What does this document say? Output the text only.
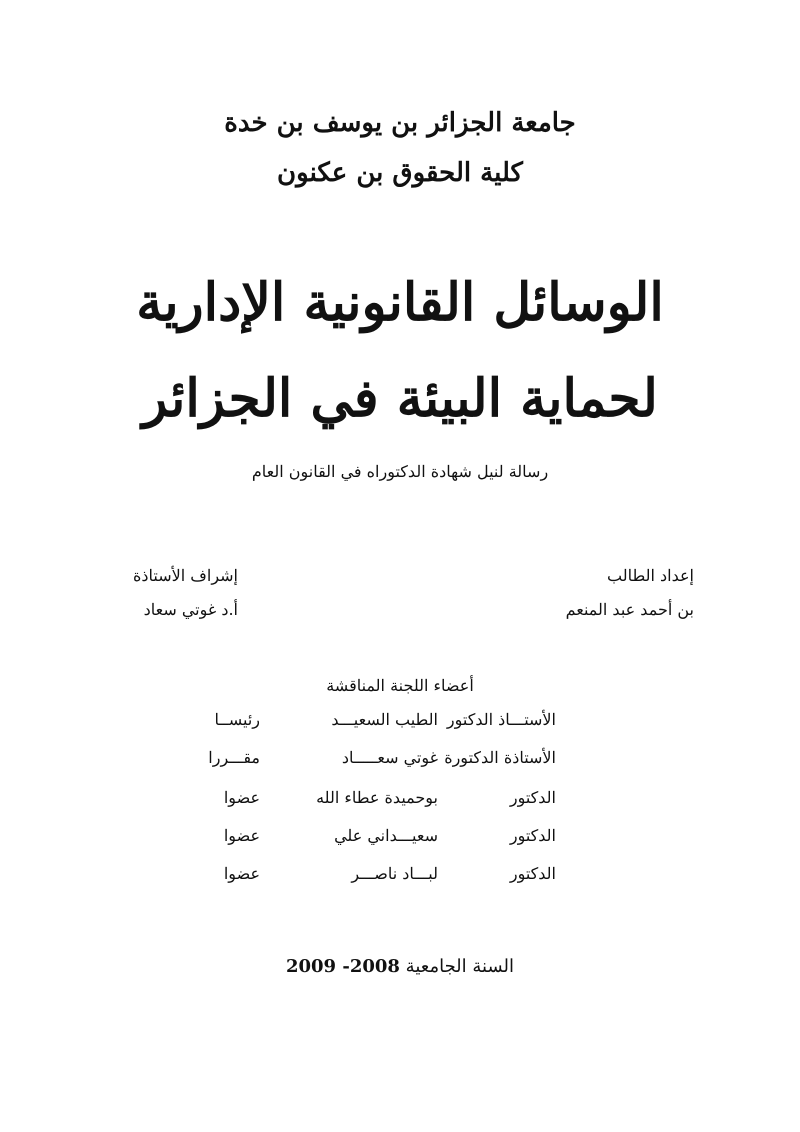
جامعة الجزائر بن يوسف بن خدة
كلية الحقوق بن عكنون
الوسائل القانونية الإدارية
لحماية البيئة في الجزائر
رسالة لنيل شهادة الدكتوراه في القانون العام
إعداد الطالب
بن أحمد عبد المنعم
إشراف الأستاذة
أ.د غوتي سعاد
أعضاء اللجنة المناقشة
الأستـــاذ الدكتور
الطيب السعيـــد
رئيســا
الأستاذة الدكتورة
غوتي سعـــــاد
مقـــررا
الدكتور
بوحميدة عطاء الله
عضوا
الدكتور
سعيـــداني علي
عضوا
الدكتور
لبـــاد ناصـــر
عضوا
السنة الجامعية 2008- 2009
